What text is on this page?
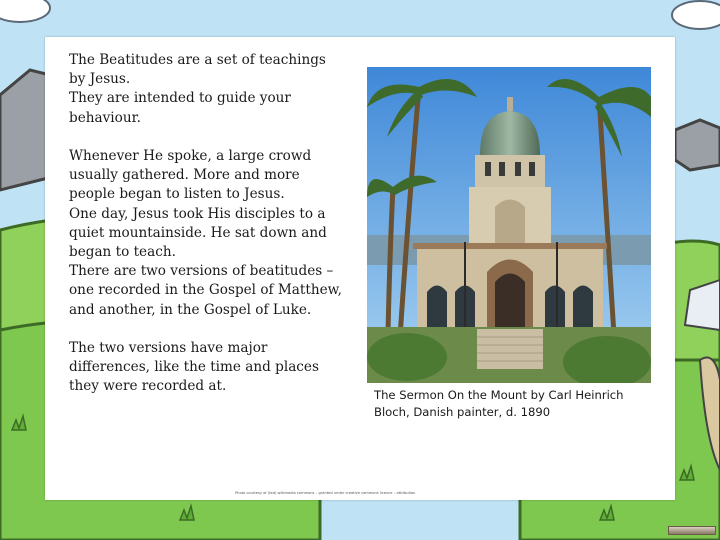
The Beatitudes are a set of teachings
by Jesus.
They are intended to guide your
behaviour.

Whenever He spoke, a large crowd
usually gathered. More and more
people began to listen to Jesus.
One day, Jesus took His disciples to a
quiet mountainside. He sat down and
began to teach.
There are two versions of beatitudes –
one recorded in the Gospel of Matthew,
and another, in the Gospel of Luke.

The two versions have major
differences, like the time and places
they were recorded at.

The Sermon On the Mount by Carl Heinrich
Bloch, Danish painter, d. 1890
Photo courtesy of (ted) wikimedia commons – granted under creative commons licence – attribution
